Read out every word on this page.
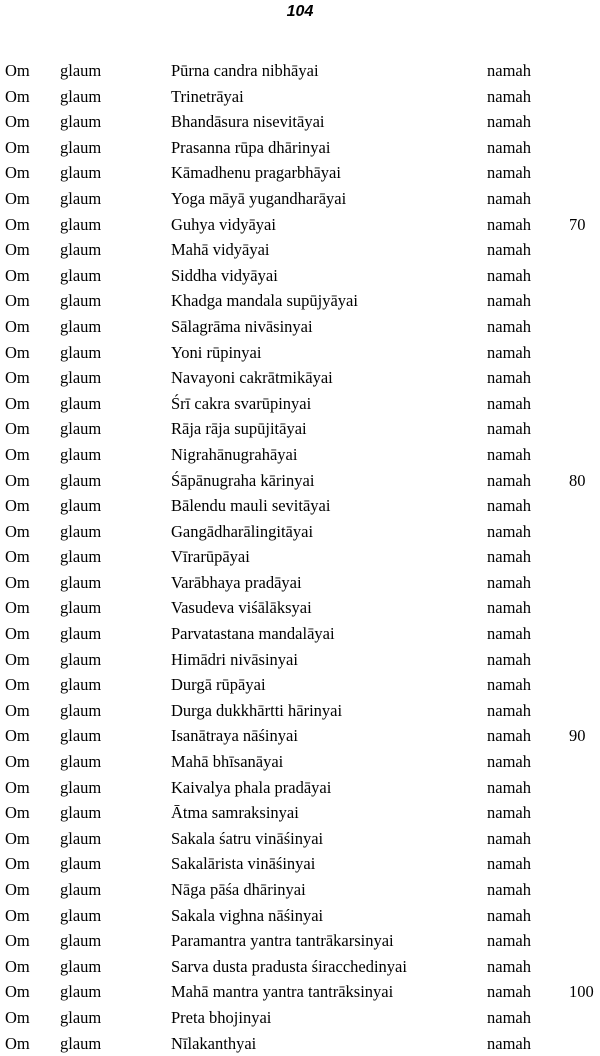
104
Om glaum	Pūrna candra nibhāyai	namah
Om glaum	Trinetrāyai	namah
Om glaum	Bhandāsura nisevitāyai	namah
Om glaum	Prasanna rūpa dhārinyai	namah
Om glaum	Kāmadhenu pragarbhāyai	namah
Om glaum	Yoga māyā yugandharāyai	namah
Om glaum	Guhya vidyāyai	namah 70
Om glaum	Mahā vidyāyai	namah
Om glaum	Siddha vidyāyai	namah
Om glaum	Khadga mandala supūjyāyai	namah
Om glaum	Sālagrāma nivāsinyai	namah
Om glaum	Yoni rūpinyai	namah
Om glaum	Navayoni cakrātmikāyai	namah
Om glaum	Śrī cakra svarūpinyai	namah
Om glaum	Rāja rāja supūjitāyai	namah
Om glaum	Nigrahānugrahāyai	namah
Om glaum	Śāpānugraha kārinyai	namah 80
Om glaum	Bālendu mauli sevitāyai	namah
Om glaum	Gangādharālingitāyai	namah
Om glaum	Vīrarūpāyai	namah
Om glaum	Varābhaya pradāyai	namah
Om glaum	Vasudeva viśālāksyai	namah
Om glaum	Parvatastana mandalāyai	namah
Om glaum	Himādri nivāsinyai	namah
Om glaum	Durgā rūpāyai	namah
Om glaum	Durga dukkhārtti hārinyai	namah
Om glaum	Isanātraya nāśinyai	namah 90
Om glaum	Mahā bhīsanāyai	namah
Om glaum	Kaivalya phala pradāyai	namah
Om glaum	Ātma samraksinyai	namah
Om glaum	Sakala śatru vināśinyai	namah
Om glaum	Sakalārista vināśinyai	namah
Om glaum	Nāga pāśa dhārinyai	namah
Om glaum	Sakala vighna nāśinyai	namah
Om glaum	Paramantra yantra tantrākarsinyai	namah
Om glaum	Sarva dusta pradusta śiracchedinyai	namah
Om glaum	Mahā mantra yantra tantrāksinyai	namah 100
Om glaum	Preta bhojinyai	namah
Om glaum	Nīlakanthyai	namah
